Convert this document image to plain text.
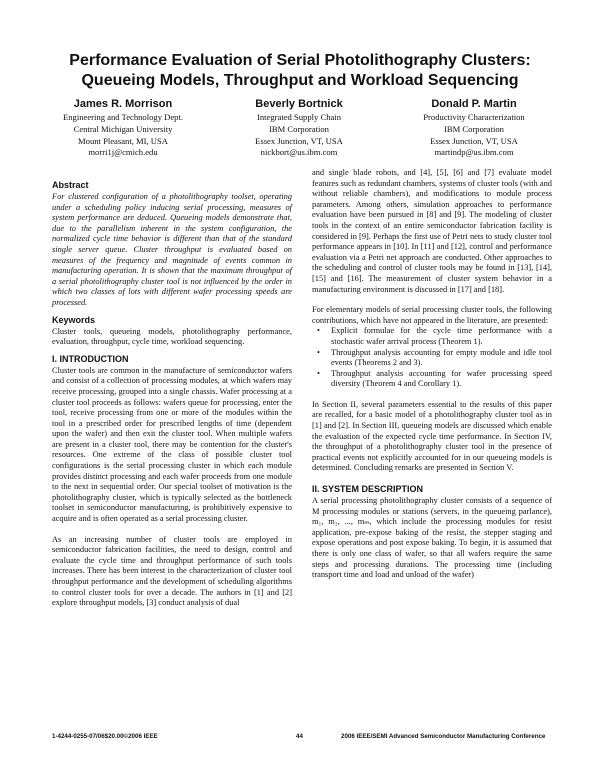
Performance Evaluation of Serial Photolithography Clusters:
Queueing Models, Throughput and Workload Sequencing
James R. Morrison
Engineering and Technology Dept.
Central Michigan University
Mount Pleasant, MI, USA
morri1j@cmich.edu
Beverly Bortnick
Integrated Supply Chain
IBM Corporation
Essex Junction, VT, USA
nickbort@us.ibm.com
Donald P. Martin
Productivity Characterization
IBM Corporation
Essex Junction, VT, USA
martindp@us.ibm.com
Abstract

For clustered configuration of a photolithography toolset, operating under a scheduling policy inducing serial processing, measures of system performance are deduced. Queueing models demonstrate that, due to the parallelism inherent in the system configuration, the normalized cycle time behavior is different than that of the standard single server queue. Cluster throughput is evaluated based on measures of the frequency and magnitude of events common in manufacturing operation. It is shown that the maximum throughput of a serial photolithography cluster tool is not influenced by the order in which two classes of lots with different wafer processing speeds are processed.

Keywords

Cluster tools, queueing models, photolithography performance, evaluation, throughput, cycle time, workload sequencing.

I. INTRODUCTION

Cluster tools are common in the manufacture of semiconductor wafers and consist of a collection of processing modules, at which wafers may receive processing, grouped into a single chassis. Wafer processing at a cluster tool proceeds as follows: wafers queue for processing, enter the tool, receive processing from one or more of the modules within the tool in a prescribed order for prescribed lengths of time (dependent upon the wafer) and then exit the cluster tool. When multiple wafers are present in a cluster tool, there may be contention for the cluster's resources. One extreme of the class of possible cluster tool configurations is the serial processing cluster in which each module provides distinct processing and each wafer proceeds from one module to the next in sequential order. Our special toolset of motivation is the photolithography cluster, which is typically selected as the bottleneck toolset in semiconductor manufacturing, is prohibitively expensive to acquire and is often operated as a serial processing cluster.

As an increasing number of cluster tools are employed in semiconductor fabrication facilities, the need to design, control and evaluate the cycle time and throughput performance of such tools increases. There has been interest in the characterization of cluster tool throughput performance and the development of scheduling algorithms to control cluster tools for over a decade. The authors in [1] and [2] explore throughput models, [3] conduct analysis of dual

and single blade robots, and [4], [5], [6] and [7] evaluate model features such as redundant chambers, systems of cluster tools (with and without reliable chambers), and modifications to module process parameters. Among others, simulation approaches to performance evaluation have been pursued in [8] and [9]. The modeling of cluster tools in the context of an entire semiconductor fabrication facility is considered in [9]. Perhaps the first use of Petri nets to study cluster tool performance appears in [10]. In [11] and [12], control and performance evaluation via a Petri net approach are conducted. Other approaches to the scheduling and control of cluster tools may be found in [13], [14], [15] and [16]. The measurement of cluster system behavior in a manufacturing environment is discussed in [17] and [18].

For elementary models of serial processing cluster tools, the following contributions, which have not appeared in the literature, are presented:

• Explicit formulae for the cycle time performance with a stochastic wafer arrival process (Theorem 1).
• Throughput analysis accounting for empty module and idle tool events (Theorems 2 and 3).
• Throughput analysis accounting for wafer processing speed diversity (Theorem 4 and Corollary 1).

In Section II, several parameters essential to the results of this paper are recalled, for a basic model of a photolithography cluster tool as in [1] and [2]. In Section III, queueing models are discussed which enable the evaluation of the expected cycle time performance. In Section IV, the throughput of a photolithography cluster tool in the presence of practical events not explicitly accounted for in our queueing models is determined. Concluding remarks are presented in Section V.

II. SYSTEM DESCRIPTION

A serial processing photolithography cluster consists of a sequence of M processing modules or stations (servers, in the queueing parlance), m₁, m₂, ..., mₘ, which include the processing modules for resist application, pre-expose baking of the resist, the stepper staging and expose operations and post expose baking. To begin, it is assumed that there is only one class of wafer, so that all wafers require the same steps and processing durations. The processing time (including transport time and load and unload of the wafer)

1-4244-0255-07/06$20.00©2006 IEEE	44	2006 IEEE/SEMI Advanced Semiconductor Manufacturing Conference
